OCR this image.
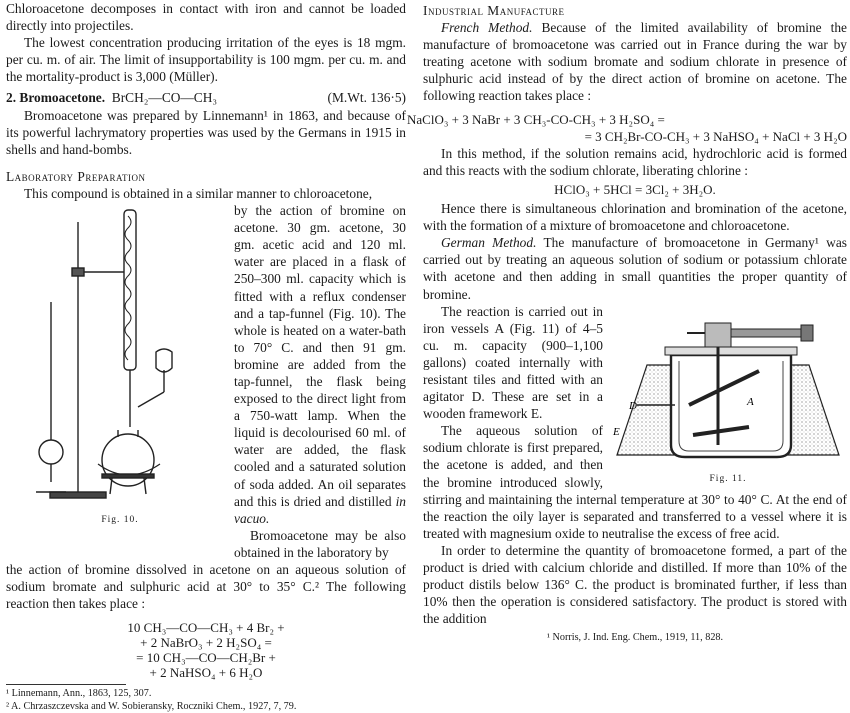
Chloroacetone decomposes in contact with iron and cannot be loaded directly into projectiles.

The lowest concentration producing irritation of the eyes is 18 mgm. per cu. m. of air. The limit of insupportability is 100 mgm. per cu. m. and the mortality-product is 3,000 (Müller).

2. Bromoacetone. BrCH₂—CO—CH₃	(M.Wt. 136·5)

Bromoacetone was prepared by Linnemann¹ in 1863, and because of its powerful lachrymatory properties was used by the Germans in 1915 in shells and hand-bombs.

Laboratory Preparation

This compound is obtained in a similar manner to chloroacetone,

Fig. 10.
by the action of bromine on acetone. 30 gm. acetone, 30 gm. acetic acid and 120 ml. water are placed in a flask of 250–300 ml. capacity which is fitted with a reflux condenser and a tap-funnel (Fig. 10). The whole is heated on a water-bath to 70° C. and then 91 gm. bromine are added from the tap-funnel, the flask being exposed to the direct light from a 750-watt lamp. When the liquid is decolourised 60 ml. of water are added, the flask cooled and a saturated solution of soda added. An oil separates and this is dried and distilled in vacuo.
Bromoacetone may be also obtained in the laboratory by

the action of bromine dissolved in acetone on an aqueous solution of sodium bromate and sulphuric acid at 30° to 35° C.² The following reaction then takes place :

10 CH₃—CO—CH₃ + 4 Br₂ +
+ 2 NaBrO₃ + 2 H₂SO₄ =
= 10 CH₃—CO—CH₂Br +
+ 2 NaHSO₄ + 6 H₂O
¹ Linnemann, Ann., 1863, 125, 307.
² A. Chrzaszczevska and W. Sobieransky, Roczniki Chem., 1927, 7, 79.
Industrial Manufacture

French Method. Because of the limited availability of bromine the manufacture of bromoacetone was carried out in France during the war by treating acetone with sodium bromate and sodium chlorate in presence of sulphuric acid instead of by the direct action of bromine on acetone. The following reaction takes place :

NaClO₃ + 3 NaBr + 3 CH₃-CO-CH₃ + 3 H₂SO₄ =
= 3 CH₂Br-CO-CH₃ + 3 NaHSO₄ + NaCl + 3 H₂O

In this method, if the solution remains acid, hydrochloric acid is formed and this reacts with the sodium chlorate, liberating chlorine :

HClO₃ + 5HCl = 3Cl₂ + 3H₂O.

Hence there is simultaneous chlorination and bromination of the acetone, with the formation of a mixture of bromoacetone and chloroacetone.

German Method. The manufacture of bromoacetone in Germany¹ was carried out by treating an aqueous solution of sodium or potassium chlorate with acetone and then adding in small quantities the proper quantity of bromine.

A
D
E
Fig. 11.

The reaction is carried out in iron vessels A (Fig. 11) of 4–5 cu. m. capacity (900–1,100 gallons) coated internally with resistant tiles and fitted with an agitator D. These are set in a wooden framework E.

The aqueous solution of sodium chlorate is first prepared, the acetone is added, and then the bromine introduced slowly, stirring and maintaining the internal temperature at 30° to 40° C. At the end of the reaction the oily layer is separated and transferred to a vessel where it is treated with magnesium oxide to neutralise the excess of free acid.

In order to determine the quantity of bromoacetone formed, a part of the product is dried with calcium chloride and distilled. If more than 10% of the product distils below 136° C. the product is brominated further, if less than 10% then the operation is considered satisfactory. The product is stored with the addition

¹ Norris, J. Ind. Eng. Chem., 1919, 11, 828.
